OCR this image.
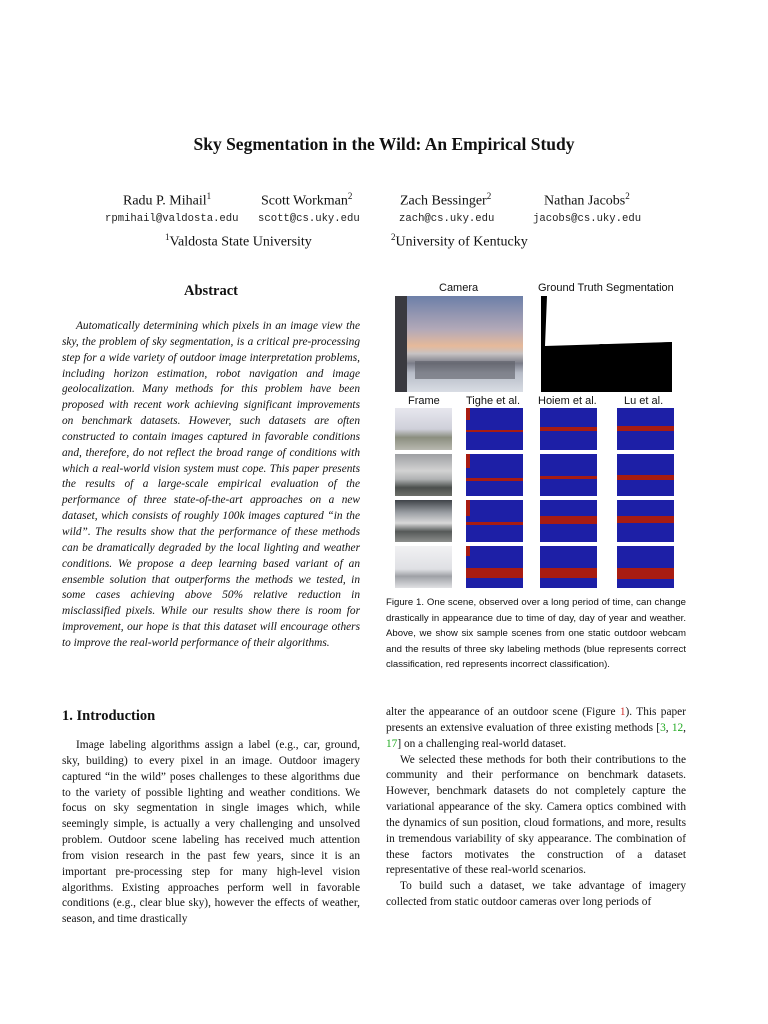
Sky Segmentation in the Wild: An Empirical Study
Radu P. Mihail$^1$	Scott Workman$^2$	Zach Bessinger$^2$	Nathan Jacobs$^2$
rpmihail@valdosta.edu scott@cs.uky.edu	zach@cs.uky.edu	jacobs@cs.uky.edu
$^1$Valdosta State University	$^2$University of Kentucky
Abstract
Automatically determining which pixels in an image view the sky, the problem of sky segmentation, is a critical pre-processing step for a wide variety of outdoor image interpretation problems, including horizon estimation, robot navigation and image geolocalization. Many methods for this problem have been proposed with recent work achieving significant improvements on benchmark datasets. However, such datasets are often constructed to contain images captured in favorable conditions and, therefore, do not reflect the broad range of conditions with which a real-world vision system must cope. This paper presents the results of a large-scale empirical evaluation of the performance of three state-of-the-art approaches on a new dataset, which consists of roughly 100k images captured “in the wild”. The results show that the performance of these methods can be dramatically degraded by the local lighting and weather conditions. We propose a deep learning based variant of an ensemble solution that outperforms the methods we tested, in some cases achieving above 50% relative reduction in misclassified pixels. While our results show there is room for improvement, our hope is that this dataset will encourage others to improve the real-world performance of their algorithms.
1. Introduction

Image labeling algorithms assign a label (e.g., car, ground, sky, building) to every pixel in an image. Outdoor imagery captured “in the wild” poses challenges to these algorithms due to the variety of possible lighting and weather conditions. We focus on sky segmentation in single images which, while seemingly simple, is actually a very challenging and unsolved problem. Outdoor scene labeling has received much attention from vision research in the past few years, since it is an important pre-processing step for many high-level vision algorithms. Existing approaches perform well in favorable conditions (e.g., clear blue sky), however the effects of weather, season, and time drastically

alter the appearance of an outdoor scene (Figure 1). This paper presents an extensive evaluation of three existing methods [3, 12, 17] on a challenging real-world dataset.

We selected these methods for both their contributions to the community and their performance on benchmark datasets. However, benchmark datasets do not completely capture the variational appearance of the sky. Camera optics combined with the dynamics of sun position, cloud formations, and more, results in tremendous variability of sky appearance. The combination of these factors motivates the construction of a dataset representative of these real-world scenarios.

To build such a dataset, we take advantage of imagery collected from static outdoor cameras over long periods of

Camera	Ground Truth Segmentation
Frame Tighe et al. Hoiem et al. Lu et al.
Figure 1. One scene, observed over a long period of time, can change drastically in appearance due to time of day, day of year and weather. Above, we show six sample scenes from one static outdoor webcam and the results of three sky labeling methods (blue represents correct classification, red represents incorrect classification).
